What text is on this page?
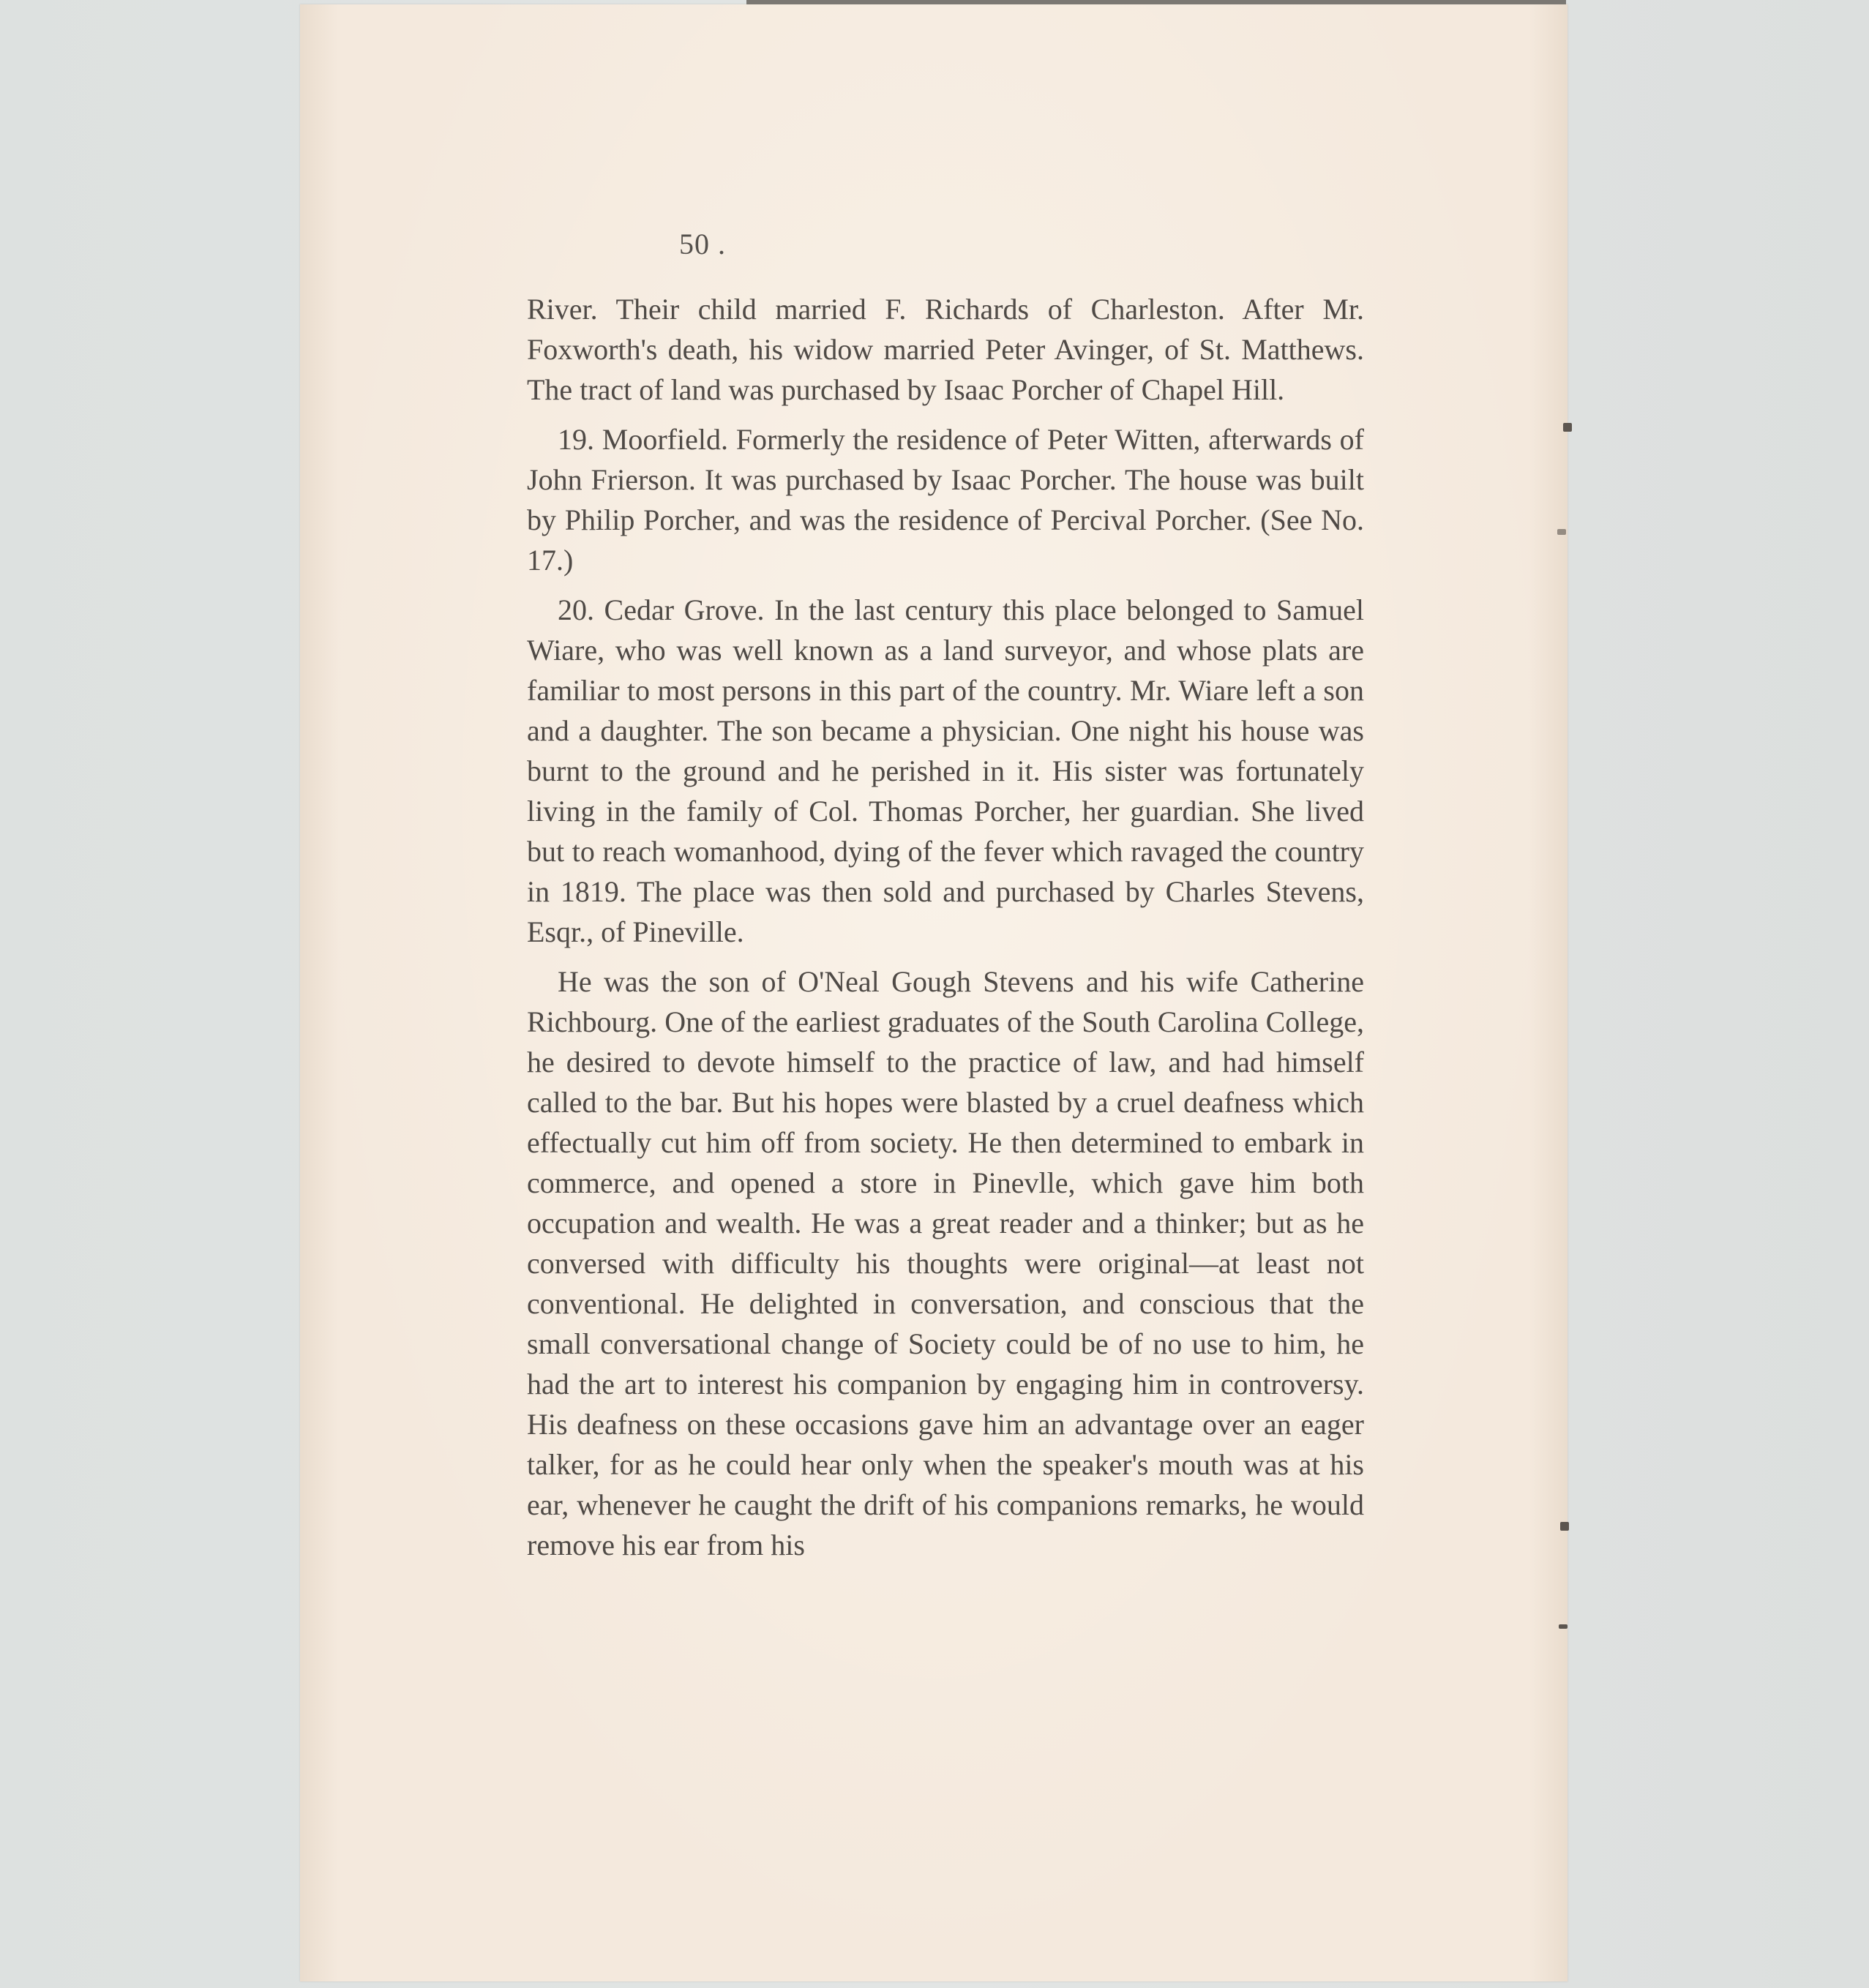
50 .

River. Their child married F. Richards of Charleston. After Mr. Foxworth's death, his widow married Peter Avinger, of St. Matthews. The tract of land was purchased by Isaac Porcher of Chapel Hill.

19. Moorfield. Formerly the residence of Peter Witten, afterwards of John Frierson. It was purchased by Isaac Porcher. The house was built by Philip Porcher, and was the residence of Percival Porcher. (See No. 17.)

20. Cedar Grove. In the last century this place belonged to Samuel Wiare, who was well known as a land surveyor, and whose plats are familiar to most persons in this part of the country. Mr. Wiare left a son and a daughter. The son became a physician. One night his house was burnt to the ground and he perished in it. His sister was fortunately living in the family of Col. Thomas Porcher, her guardian. She lived but to reach womanhood, dying of the fever which ravaged the country in 1819. The place was then sold and purchased by Charles Stevens, Esqr., of Pineville.

He was the son of O'Neal Gough Stevens and his wife Catherine Richbourg. One of the earliest graduates of the South Carolina College, he desired to devote himself to the practice of law, and had himself called to the bar. But his hopes were blasted by a cruel deafness which effectually cut him off from society. He then determined to embark in commerce, and opened a store in Pinevlle, which gave him both occupation and wealth. He was a great reader and a thinker; but as he conversed with difficulty his thoughts were original—at least not conventional. He delighted in conversation, and conscious that the small conversational change of Society could be of no use to him, he had the art to interest his companion by engaging him in controversy. His deafness on these occasions gave him an advantage over an eager talker, for as he could hear only when the speaker's mouth was at his ear, whenever he caught the drift of his companions remarks, he would remove his ear from his
